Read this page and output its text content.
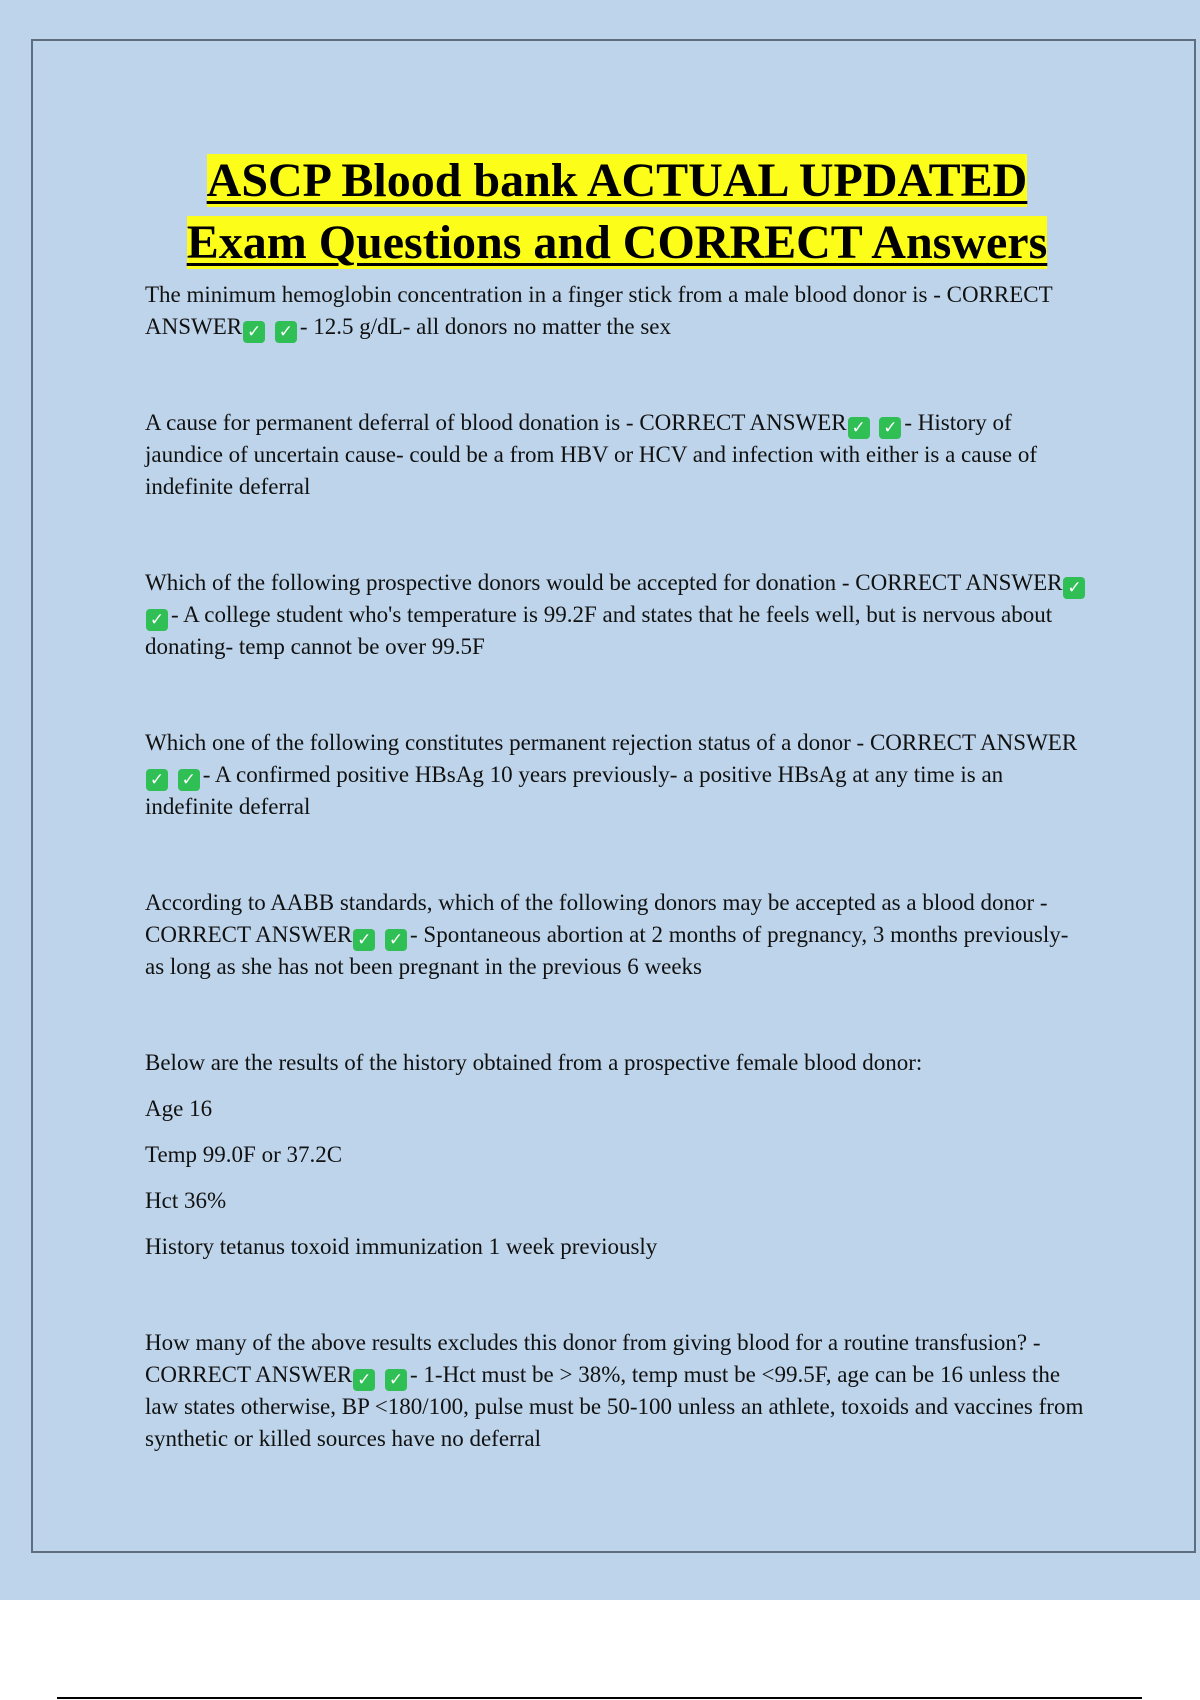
ASCP Blood bank ACTUAL UPDATED
Exam Questions and CORRECT Answers

The minimum hemoglobin concentration in a finger stick from a male blood donor is - CORRECT ANSWER ✓ ✓ - 12.5 g/dL- all donors no matter the sex

A cause for permanent deferral of blood donation is - CORRECT ANSWER ✓ ✓ - History of jaundice of uncertain cause- could be a from HBV or HCV and infection with either is a cause of indefinite deferral

Which of the following prospective donors would be accepted for donation - CORRECT ANSWER ✓ ✓ - A college student who's temperature is 99.2F and states that he feels well, but is nervous about donating- temp cannot be over 99.5F

Which one of the following constitutes permanent rejection status of a donor - CORRECT ANSWER✓ ✓ - A confirmed positive HBsAg 10 years previously- a positive HBsAg at any time is an indefinite deferral

According to AABB standards, which of the following donors may be accepted as a blood donor - CORRECT ANSWER ✓ ✓ - Spontaneous abortion at 2 months of pregnancy, 3 months previously- as long as she has not been pregnant in the previous 6 weeks

Below are the results of the history obtained from a prospective female blood donor:

Age 16

Temp 99.0F or 37.2C

Hct 36%

History tetanus toxoid immunization 1 week previously

How many of the above results excludes this donor from giving blood for a routine transfusion? - CORRECT ANSWER ✓ ✓ - 1-Hct must be > 38%, temp must be <99.5F, age can be 16 unless the law states otherwise, BP <180/100, pulse must be 50-100 unless an athlete, toxoids and vaccines from synthetic or killed sources have no deferral
